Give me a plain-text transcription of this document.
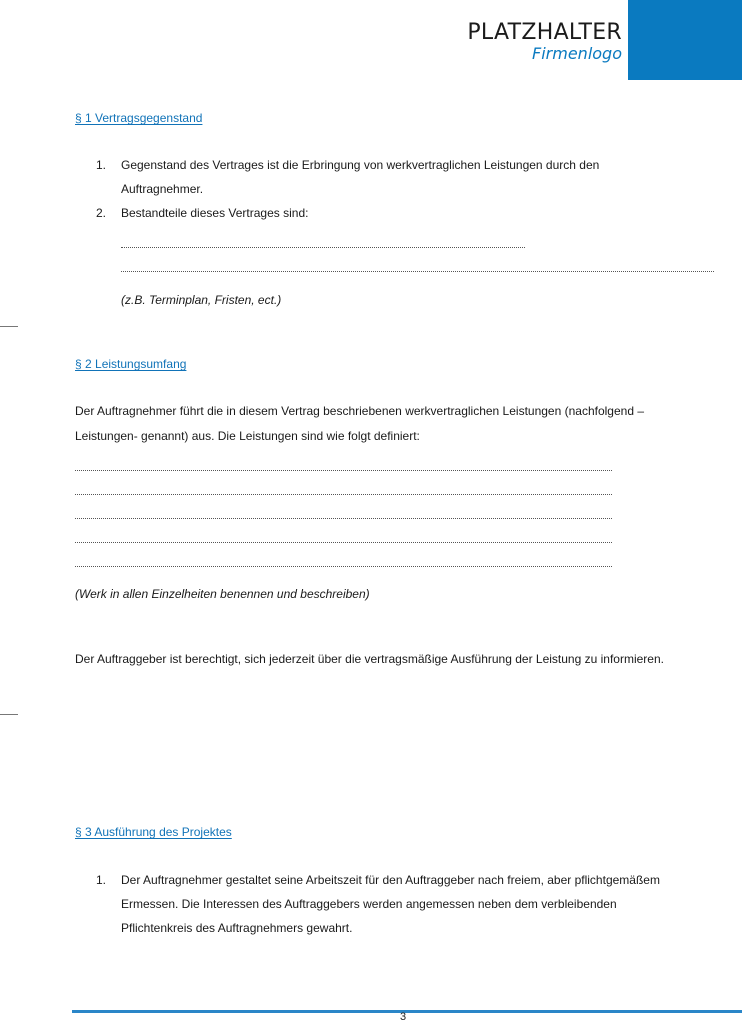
PLATZHALTER
Firmenlogo
§ 1 Vertragsgegenstand
1. Gegenstand des Vertrages ist die Erbringung von werkvertraglichen Leistungen durch den
Auftragnehmer.
2. Bestandteile dieses Vertrages sind:
(z.B. Terminplan, Fristen, ect.)
§ 2 Leistungsumfang
Der Auftragnehmer führt die in diesem Vertrag beschriebenen werkvertraglichen Leistungen (nachfolgend –
Leistungen- genannt) aus. Die Leistungen sind wie folgt definiert:
(Werk in allen Einzelheiten benennen und beschreiben)
Der Auftraggeber ist berechtigt, sich jederzeit über die vertragsmäßige Ausführung der Leistung zu informieren.
§ 3 Ausführung des Projektes
1. Der Auftragnehmer gestaltet seine Arbeitszeit für den Auftraggeber nach freiem, aber pflichtgemäßem
Ermessen. Die Interessen des Auftraggebers werden angemessen neben dem verbleibenden
Pflichtenkreis des Auftragnehmers gewahrt.
3
